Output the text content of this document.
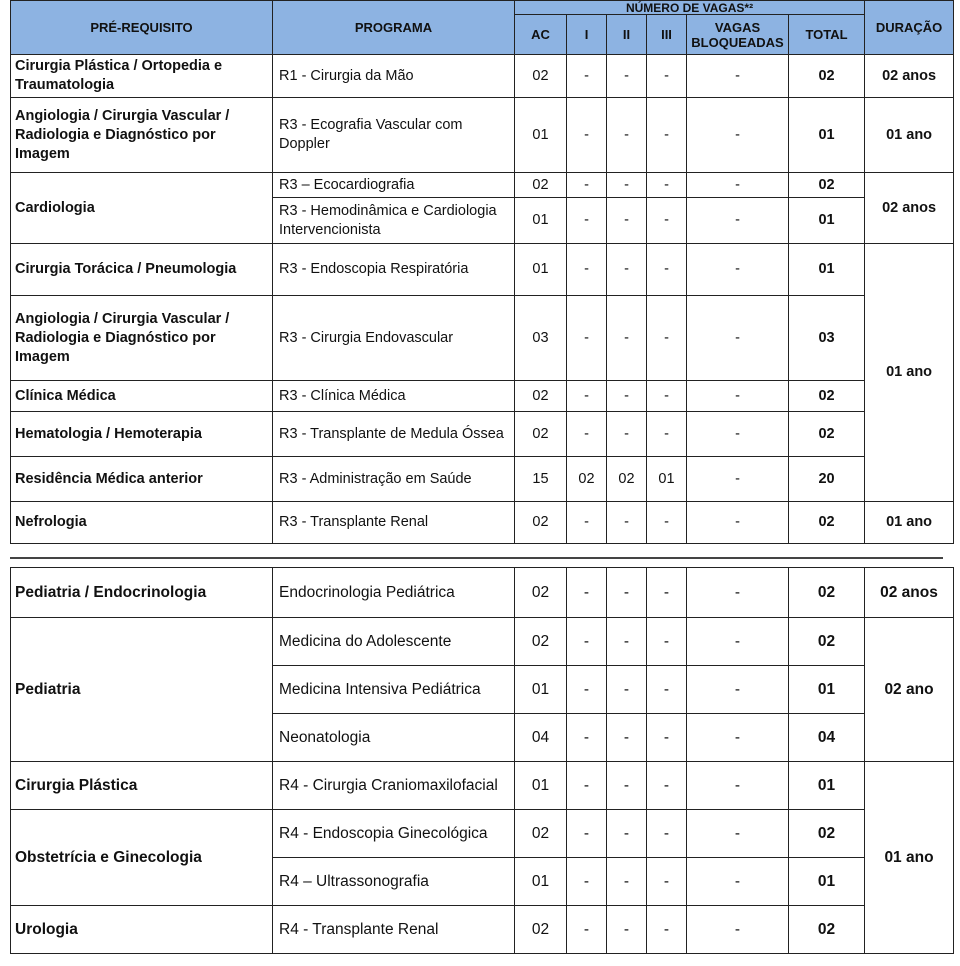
PRÉ-REQUISITO	PROGRAMA	NÚMERO DE VAGAS*²						DURAÇÃO
		AC	I	II	III	VAGAS BLOQUEADAS	TOTAL	
Cirurgia Plástica / Ortopedia e Traumatologia	R1 - Cirurgia da Mão	02	-	-	-	-	02	02 anos
Angiologia / Cirurgia Vascular / Radiologia e Diagnóstico por Imagem	R3 - Ecografia Vascular com Doppler	01	-	-	-	-	01	01 ano
Cardiologia	R3 – Ecocardiografia	02	-	-	-	-	02	02 anos
	R3 - Hemodinâmica e Cardiologia Intervencionista	01	-	-	-	-	01	
Cirurgia Torácica / Pneumologia	R3 - Endoscopia Respiratória	01	-	-	-	-	01	01 ano
Angiologia / Cirurgia Vascular / Radiologia e Diagnóstico por Imagem	R3 - Cirurgia Endovascular	03	-	-	-	-	03	
Clínica Médica	R3 - Clínica Médica	02	-	-	-	-	02	
Hematologia / Hemoterapia	R3 - Transplante de Medula Óssea	02	-	-	-	-	02	
Residência Médica anterior	R3 - Administração em Saúde	15	02	02	01	-	20	
Nefrologia	R3 - Transplante Renal	02	-	-	-	-	02	01 ano
Pediatria / Endocrinologia	Endocrinologia Pediátrica	02	-	-	-	-	02	02 anos
Pediatria	Medicina do Adolescente	02	-	-	-	-	02	02 ano
	Medicina Intensiva Pediátrica	01	-	-	-	-	01	
	Neonatologia	04	-	-	-	-	04	
Cirurgia Plástica	R4 - Cirurgia Craniomaxilofacial	01	-	-	-	-	01	01 ano
Obstetrícia e Ginecologia	R4 - Endoscopia Ginecológica	02	-	-	-	-	02	
	R4 – Ultrassonografia	01	-	-	-	-	01	
Urologia	R4 - Transplante Renal	02	-	-	-	-	02	
